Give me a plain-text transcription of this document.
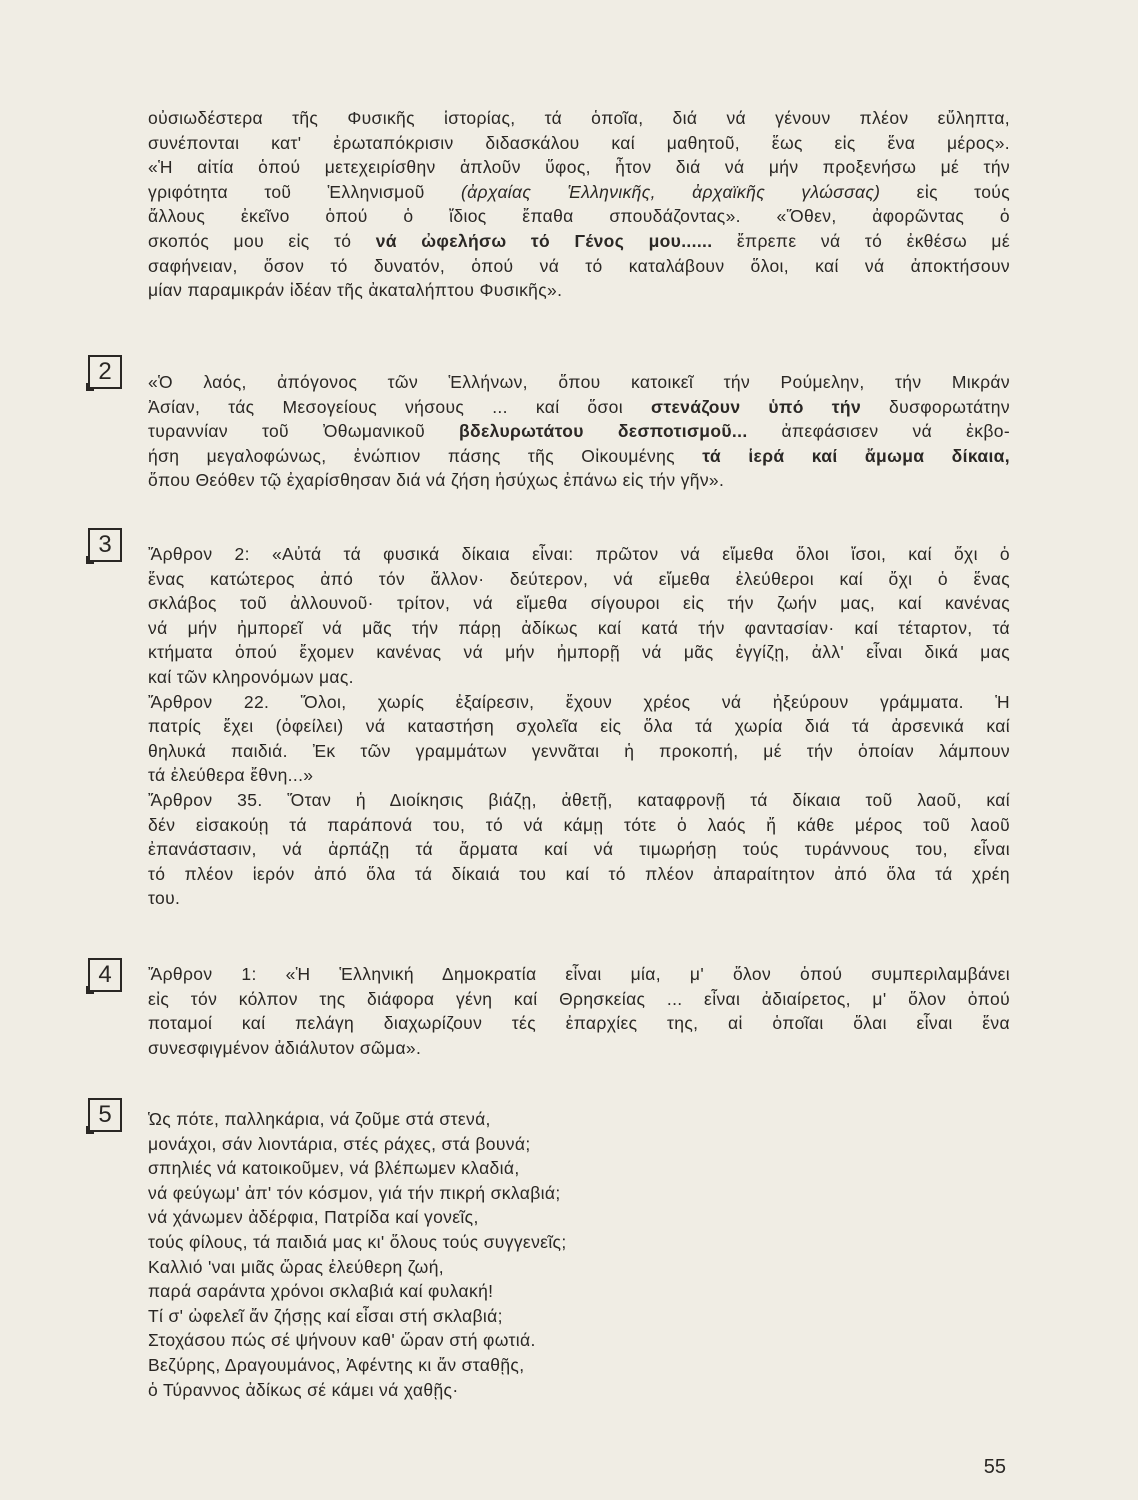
οὐσιωδέστερα τῆς Φυσικῆς ἱστορίας, τά ὁποῖα, διά νά γένουν πλέον εὔληπτα,
συνέπονται κατ' ἐρωταπόκρισιν διδασκάλου καί μαθητοῦ, ἕως εἰς ἕνα μέρος».
«Ἡ αἰτία ὁπού μετεχειρίσθην ἁπλοῦν ὕφος, ἦτον διά νά μήν προξενήσω μέ τήν
γριφότητα τοῦ Ἑλληνισμοῦ (ἀρχαίας Ἑλληνικῆς, ἀρχαϊκῆς γλώσσας) εἰς τούς
ἄλλους ἐκεῖνο ὁπού ὁ ἴδιος ἔπαθα σπουδάζοντας». «Ὅθεν, ἀφορῶντας ὁ
σκοπός μου εἰς τό νά ὠφελήσω τό Γένος μου...... ἔπρεπε νά τό ἐκθέσω μέ
σαφήνειαν, ὅσον τό δυνατόν, ὁπού νά τό καταλάβουν ὅλοι, καί νά ἀποκτήσουν
μίαν παραμικράν ἰδέαν τῆς ἀκαταλήπτου Φυσικῆς».
2	«Ὁ λαός, ἀπόγονος τῶν Ἑλλήνων, ὅπου κατοικεῖ τήν Ρούμελην, τήν Μικράν
Ἀσίαν, τάς Μεσογείους νήσους ... καί ὅσοι στενάζουν ὑπό τήν δυσφορωτάτην
τυραννίαν τοῦ Ὀθωμανικοῦ βδελυρωτάτου δεσποτισμοῦ... ἀπεφάσισεν νά ἐκβο-
ήση μεγαλοφώνως, ἐνώπιον πάσης τῆς Οἰκουμένης τά ἱερά καί ἄμωμα δίκαια,
ὅπου Θεόθεν τῷ ἐχαρίσθησαν διά νά ζήση ἡσύχως ἐπάνω εἰς τήν γῆν».
3	Ἄρθρον 2: «Αὐτά τά φυσικά δίκαια εἶναι: πρῶτον νά εἴμεθα ὅλοι ἴσοι, καί ὄχι ὁ
ἕνας κατώτερος ἀπό τόν ἄλλον· δεύτερον, νά εἴμεθα ἐλεύθεροι καί ὄχι ὁ ἕνας
σκλάβος τοῦ ἀλλουνοῦ· τρίτον, νά εἴμεθα σίγουροι εἰς τήν ζωήν μας, καί κανένας
νά μήν ἠμπορεῖ νά μᾶς τήν πάρῃ ἀδίκως καί κατά τήν φαντασίαν· καί τέταρτον, τά
κτήματα ὁπού ἔχομεν κανένας νά μήν ἠμπορῇ νά μᾶς ἐγγίζῃ, ἀλλ' εἶναι δικά μας
καί τῶν κληρονόμων μας.
Ἄρθρον 22. Ὅλοι, χωρίς ἐξαίρεσιν, ἔχουν χρέος νά ἠξεύρουν γράμματα. Ἡ
πατρίς ἔχει (ὀφείλει) νά καταστήση σχολεῖα εἰς ὅλα τά χωρία διά τά ἀρσενικά καί
θηλυκά παιδιά. Ἐκ τῶν γραμμάτων γεννᾶται ἡ προκοπή, μέ τήν ὁποίαν λάμπουν
τά ἐλεύθερα ἔθνη...»
Ἄρθρον 35. Ὅταν ἡ Διοίκησις βιάζῃ, ἀθετῇ, καταφρονῇ τά δίκαια τοῦ λαοῦ, καί
δέν εἰσακούῃ τά παράπονά του, τό νά κάμῃ τότε ὁ λαός ἤ κάθε μέρος τοῦ λαοῦ
ἐπανάστασιν, νά ἁρπάζῃ τά ἄρματα καί νά τιμωρήσῃ τούς τυράννους του, εἶναι
τό πλέον ἱερόν ἀπό ὅλα τά δίκαιά του καί τό πλέον ἀπαραίτητον ἀπό ὅλα τά χρέη
του.
4	Ἄρθρον 1: «Ἡ Ἑλληνική Δημοκρατία εἶναι μία, μ' ὅλον ὁπού συμπεριλαμβάνει
εἰς τόν κόλπον της διάφορα γένη καί Θρησκείας ... εἶναι ἀδιαίρετος, μ' ὅλον ὁπού
ποταμοί καί πελάγη διαχωρίζουν τές ἐπαρχίες της, αἱ ὁποῖαι ὅλαι εἶναι ἕνα
συνεσφιγμένον ἀδιάλυτον σῶμα».
5	Ὡς πότε, παλληκάρια, νά ζοῦμε στά στενά,
μονάχοι, σάν λιοντάρια, στές ράχες, στά βουνά;
σπηλιές νά κατοικοῦμεν, νά βλέπωμεν κλαδιά,
νά φεύγωμ' ἀπ' τόν κόσμον, γιά τήν πικρή σκλαβιά;
νά χάνωμεν ἀδέρφια, Πατρίδα καί γονεῖς,
τούς φίλους, τά παιδιά μας κι' ὅλους τούς συγγενεῖς;
Καλλιό 'ναι μιᾶς ὥρας ἐλεύθερη ζωή,
παρά σαράντα χρόνοι σκλαβιά καί φυλακή!
Τί σ' ὠφελεῖ ἄν ζήσῃς καί εἶσαι στή σκλαβιά;
Στοχάσου πώς σέ ψήνουν καθ' ὥραν στή φωτιά.
Βεζύρης, Δραγουμάνος, Ἀφέντης κι ἄν σταθῇς,
ὁ Τύραννος ἀδίκως σέ κάμει νά χαθῇς·
55
